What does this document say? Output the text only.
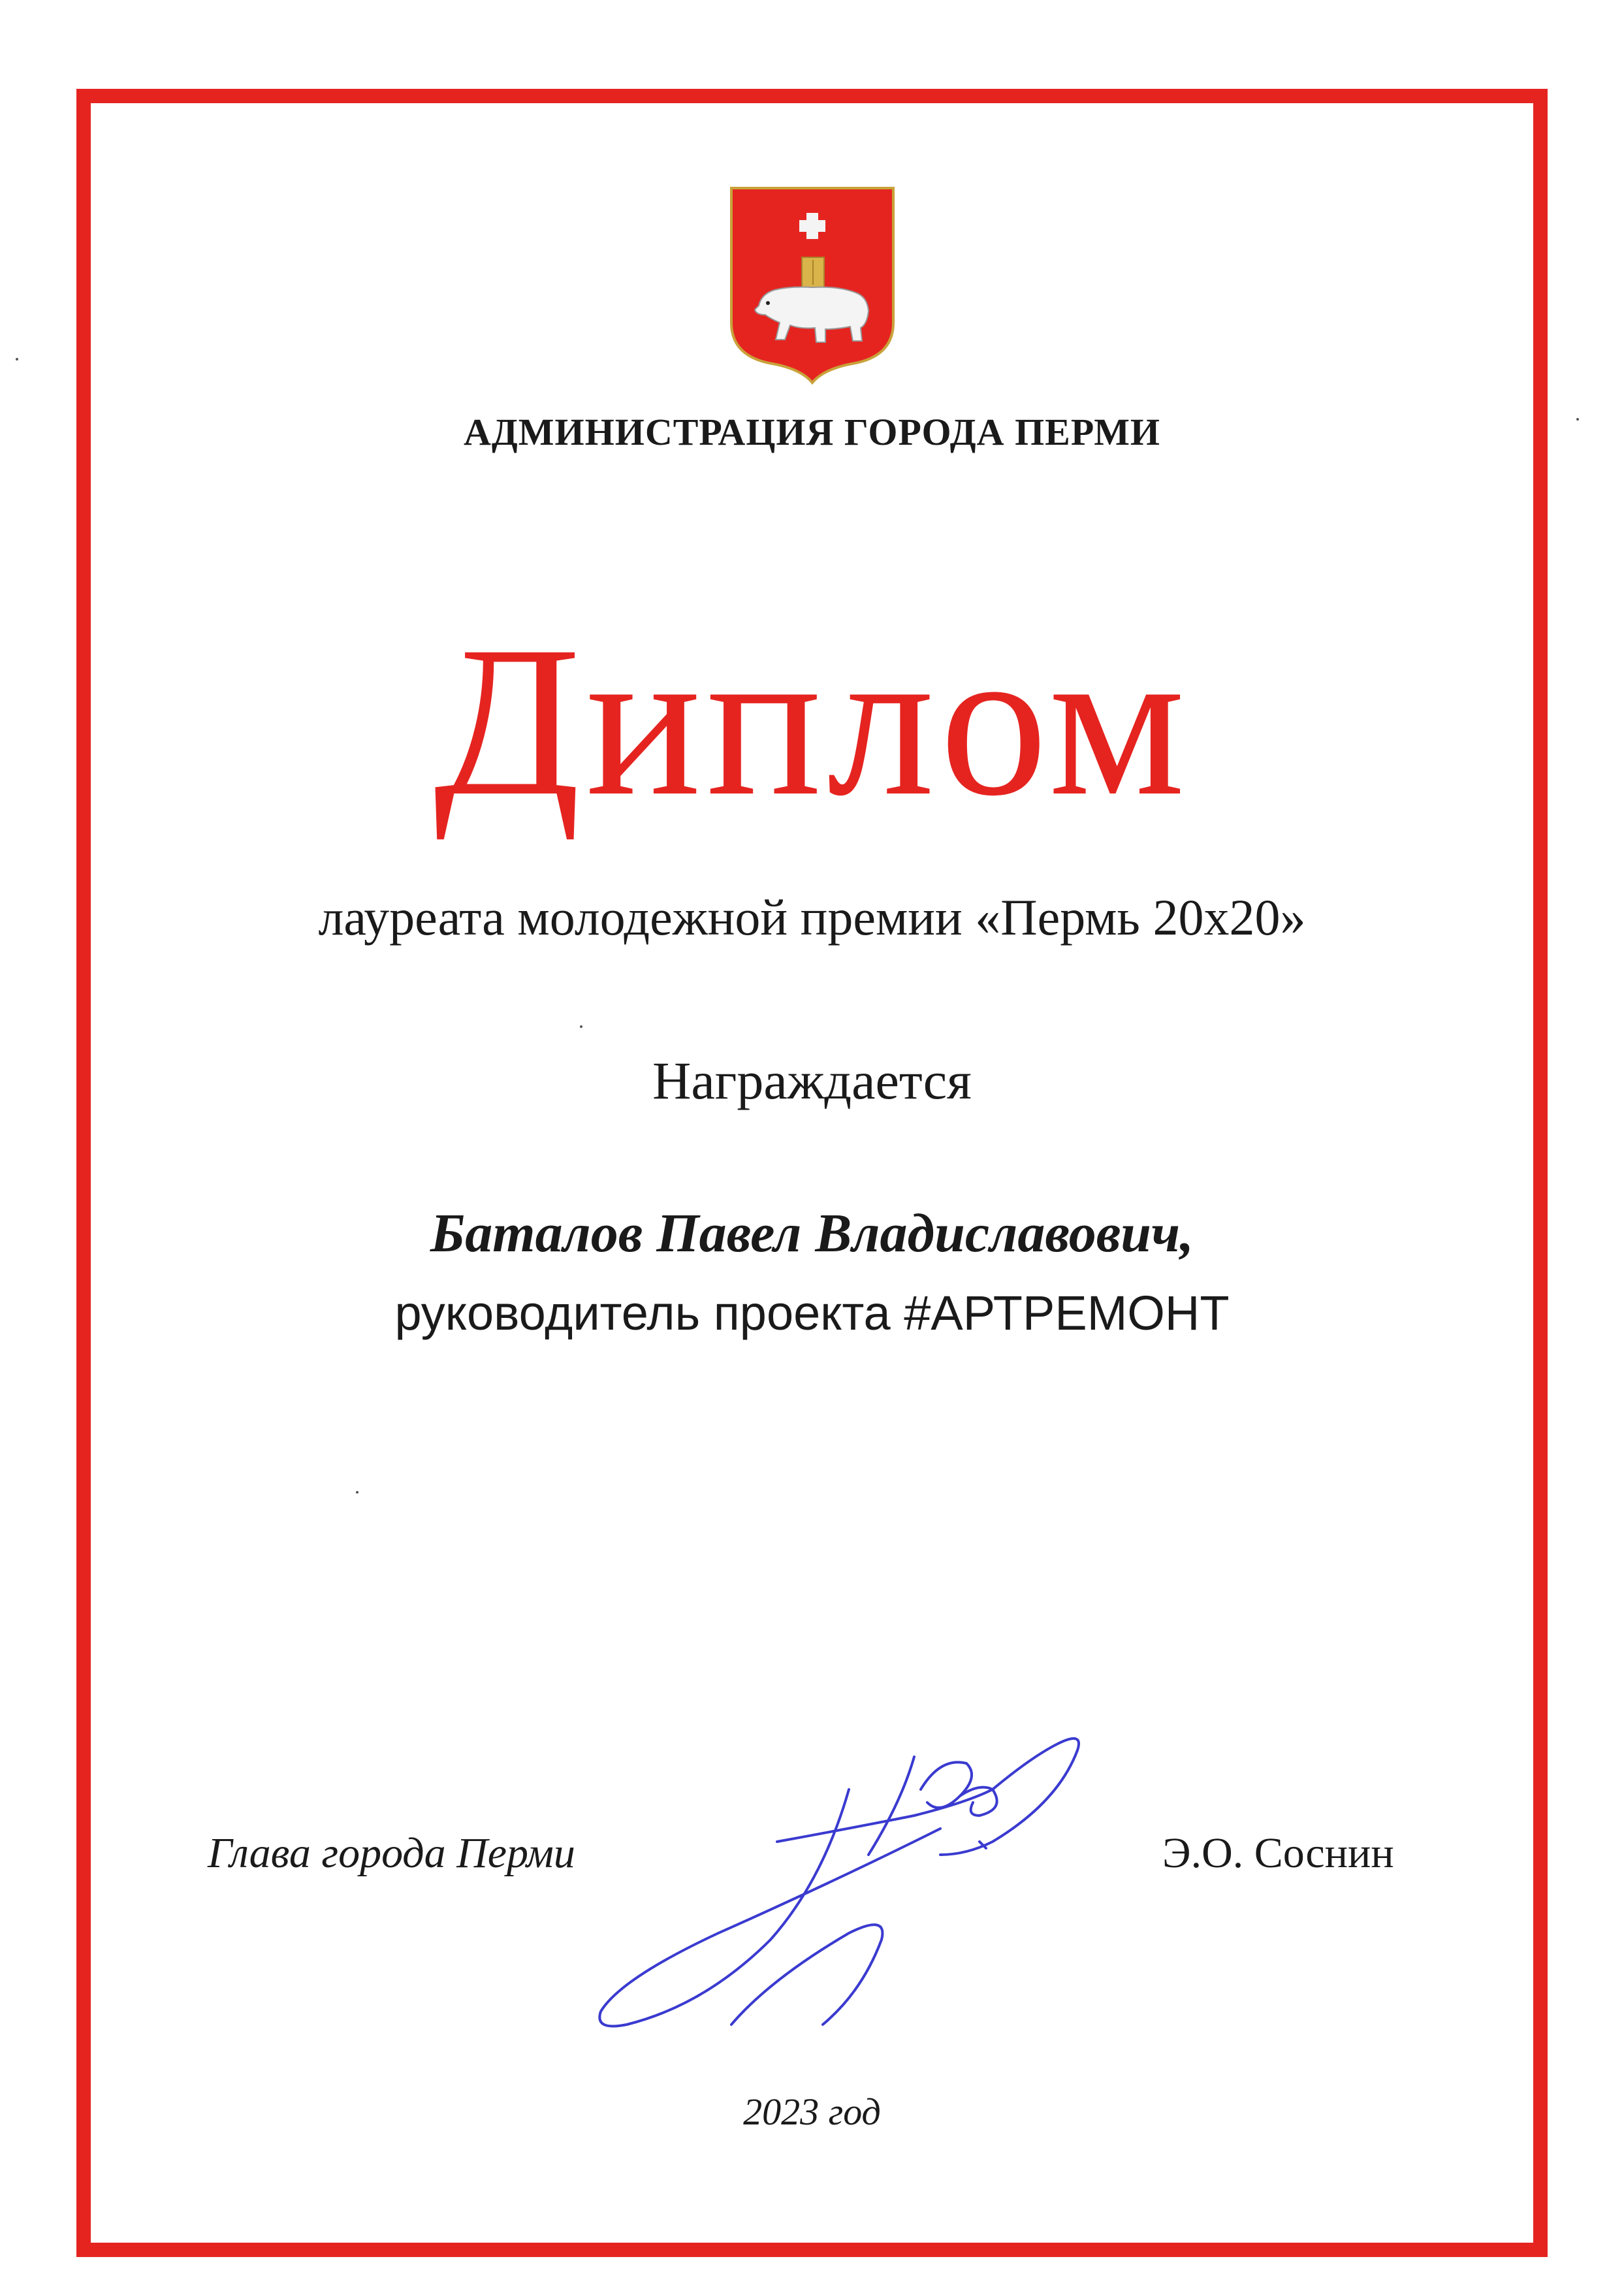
АДМИНИСТРАЦИЯ ГОРОДА ПЕРМИ
Диплом
лауреата молодежной премии «Пермь 20х20»
Награждается
Баталов Павел Владиславович,
руководитель проекта #АРТРЕМОНТ
Глава города Перми	Э.О. Соснин
2023 год
